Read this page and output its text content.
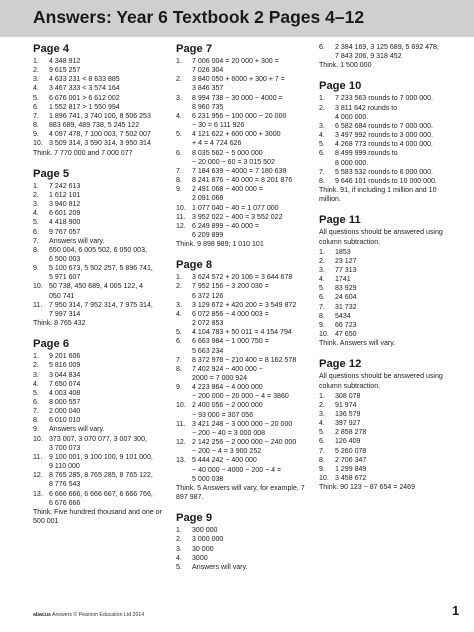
Answers: Year 6 Textbook 2 Pages 4–12
Page 4
1.	4 348 912
2.	9 615 257
3.	4 633 231 < 8 633 885
4.	3 467 333 < 3 574 164
5.	6 676 001 > 6 612 002
6.	1 552 817 > 1 550 994
7.	1 896 741, 3 740 100, 8 506 253
8.	883 689, 489 738, 5 245 122
9.	4 097 478, 7 100 003, 7 502 007
10. 3 509 314, 3 590 314, 3 950 314
Think. 7 770 000 and 7 000 077
Page 5
1.	7 242 613
2.	1 612 101
3.	3 940 812
4.	6 601 209
5.	4 418 900
6.	9 767 057
7.	Answers will vary.
8.	650 004, 6 005 502, 6 050 003,
6 500 003
9.	5 100 673, 5 502 257, 5 896 741,
5 971 607
10. 50 738, 450 689, 4 005 122, 4
050 741
11. 7 950 314, 7 952 314, 7 975 314,
7 997 314
Think. 8 765 432
Page 6
1.	9 201 606
2.	5 816 009
3.	3 044 834
4.	7 650 074
5.	4 003 408
6.	8 000 557
7.	2 000 040
8.	6 010 010
9.	Answers will vary.
10. 373 007, 3 070 077, 3 007 300,
3 700 073
11. 9 100 001, 9 100 100, 9 101 000,
9 110 000
12. 8 765 285, 8 765 285, 8 765 122,
8 776 543
13. 6 666 666, 6 666 667, 6 666 766,
6 676 666
Think. Five hundred thousand and one or 500 001
Page 7
1.	7 006 004 = 20 000 + 300 =
7 026 304
2.	3 840 050 + 6000 + 300 + 7 =
3 846 357
3.	8 994 738 − 30 000 − 4000 =
8 960 735
4.	6 231 956 − 100 000 − 20 000
− 30 = 6 111 926
5.	4 121 622 + 600 000 + 3000
+ 4 = 4 724 626
6.	8 035 562 − 5 000 000
− 20 000 − 60 = 3 015 502
7.	7 184 639 − 4000 = 7 180 639
8.	8 241 876 − 40 000 = 8 201 876
9.	2 491 068 − 400 000 =
2 091 068
10. 1 077 040 − 40 = 1 077 000
11. 3 952 022 − 400 = 3 552 022
12. 6 249 899 − 40 000 =
6 209 899
Think. 9 898 989; 1 010 101
Page 8
1.	3 624 572 + 20 106 = 3 644 678
2.	7 952 156 − 3 200 030 =
6 372 126
3.	3 129 672 + 420 200 = 3 549 872
4.	6 072 856 − 4 000 003 =
2 072 853
5.	4 104 783 + 50 011 = 4 154 794
6.	6 663 984 − 1 000 750 =
5 663 234
7.	8 372 978 − 210 400 = 8 162 578
8.	7 402 924 − 400 000 −
2000 = 7 000 924
9.	4 223 864 − 4 000 000
− 200 000 − 20 000 − 4 = 3860
10. 2 400 056 − 2 000 000
− 93 000 = 307 056
11. 3 421 248 − 3 000 000 − 20 000
− 200 − 40 = 3 000 008
12. 2 142 256 − 2 000 000 − 240 000
− 200 − 4 = 3 900 252
13. 5 444 242 − 400 000
− 40 000 − 4000 − 200 − 4 =
5 000 038
Think. 5 Answers will vary, for example, 7 897 987.
Page 9
1.	300 000
2.	3 000 000
3.	30 000
4.	3000
5.	Answers will vary.
6.	2 384 169, 3 125 689, 5 692 478,
7 843 206, 9 318 452
Think. 1 500 000
Page 10
1.	7 233 563 rounds to 7 000 000.
2.	3 811 642 rounds to
4 000 000.
3.	6 582 684 rounds to 7 000 000.
4.	3 497 992 rounds to 3 000 000.
5.	4 268 773 rounds to 4 000 000.
6.	8 499 999 rounds to
8 000 000.
7.	5 583 532 rounds to 6 000 000.
8.	9 646 101 rounds to 10 000 000.
Think. 91, if including 1 million and 10 million.
Page 11
All questions should be answered using column subtraction.
1.	1853
2.	23 127
3.	77 313
4.	1741
5.	83 929
6.	24 604
7.	31 732
8.	5434
9.	66 723
10. 47 650
Think. Answers will vary.
Page 12
All questions should be answered using column subtraction.
1.	308 078
2.	91 974
3.	136 579
4.	397 927
5.	2 858 278
6.	126 409
7.	5 260 078
8.	2 706 347
9.	1 299 849
10. 3 458 672
Think. 90 123 − 87 654 = 2469
abacus Answers © Pearson Education Ltd 2014	1
